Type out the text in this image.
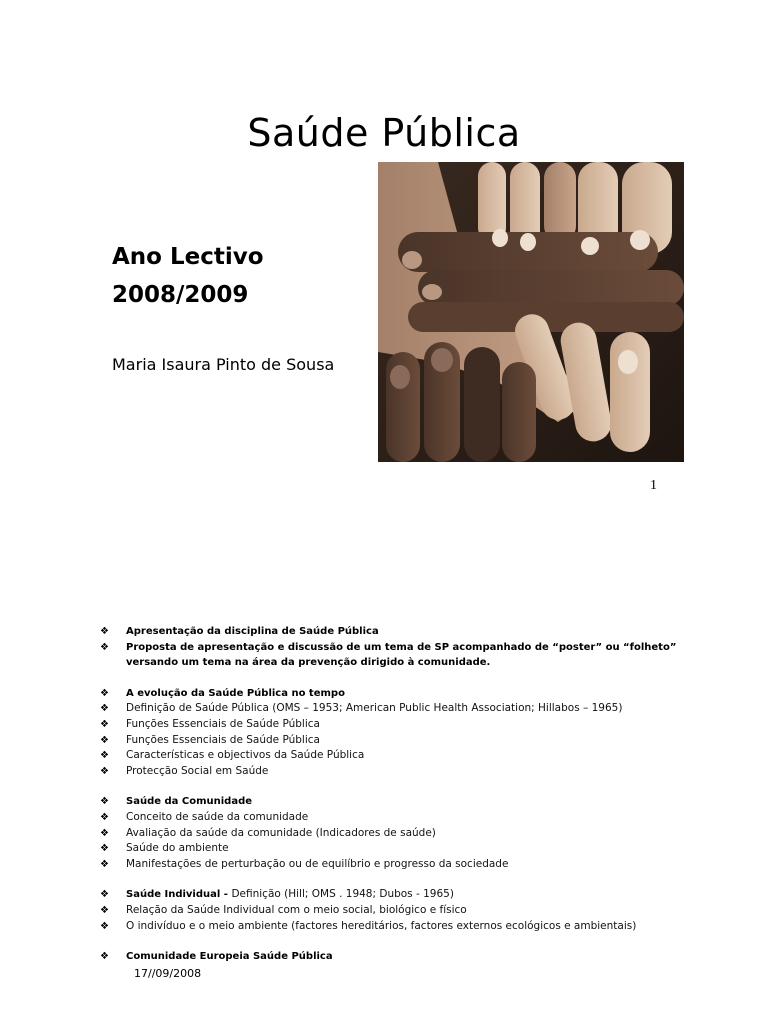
Saúde Pública
Ano Lectivo
2008/2009
Maria Isaura Pinto de Sousa
1
❖	Apresentação da disciplina de Saúde Pública
❖	Proposta de apresentação e discussão de um tema de SP acompanhado de “poster” ou “folheto” versando um tema na área da prevenção dirigido à comunidade.
❖	A evolução da Saúde Pública no tempo
❖	Definição de Saúde Pública (OMS – 1953; American Public Health Association; Hillabos – 1965)
❖	Funções Essenciais de Saúde Pública
❖	Funções Essenciais de Saúde Pública
❖	Características e objectivos da Saúde Pública
❖	Protecção Social em Saúde
❖	Saúde da Comunidade
❖	Conceito de saúde da comunidade
❖	Avaliação da saúde da comunidade (Indicadores de saúde)
❖	Saúde do ambiente
❖	Manifestações de perturbação ou de equilíbrio e progresso da sociedade
❖	Saúde Individual - Definição (Hill; OMS . 1948; Dubos - 1965)
❖	Relação da Saúde Individual com o meio social, biológico e físico
❖	O indivíduo e o meio ambiente (factores hereditários, factores externos ecológicos e ambientais)
❖	Comunidade Europeia Saúde Pública
17//09/2008
